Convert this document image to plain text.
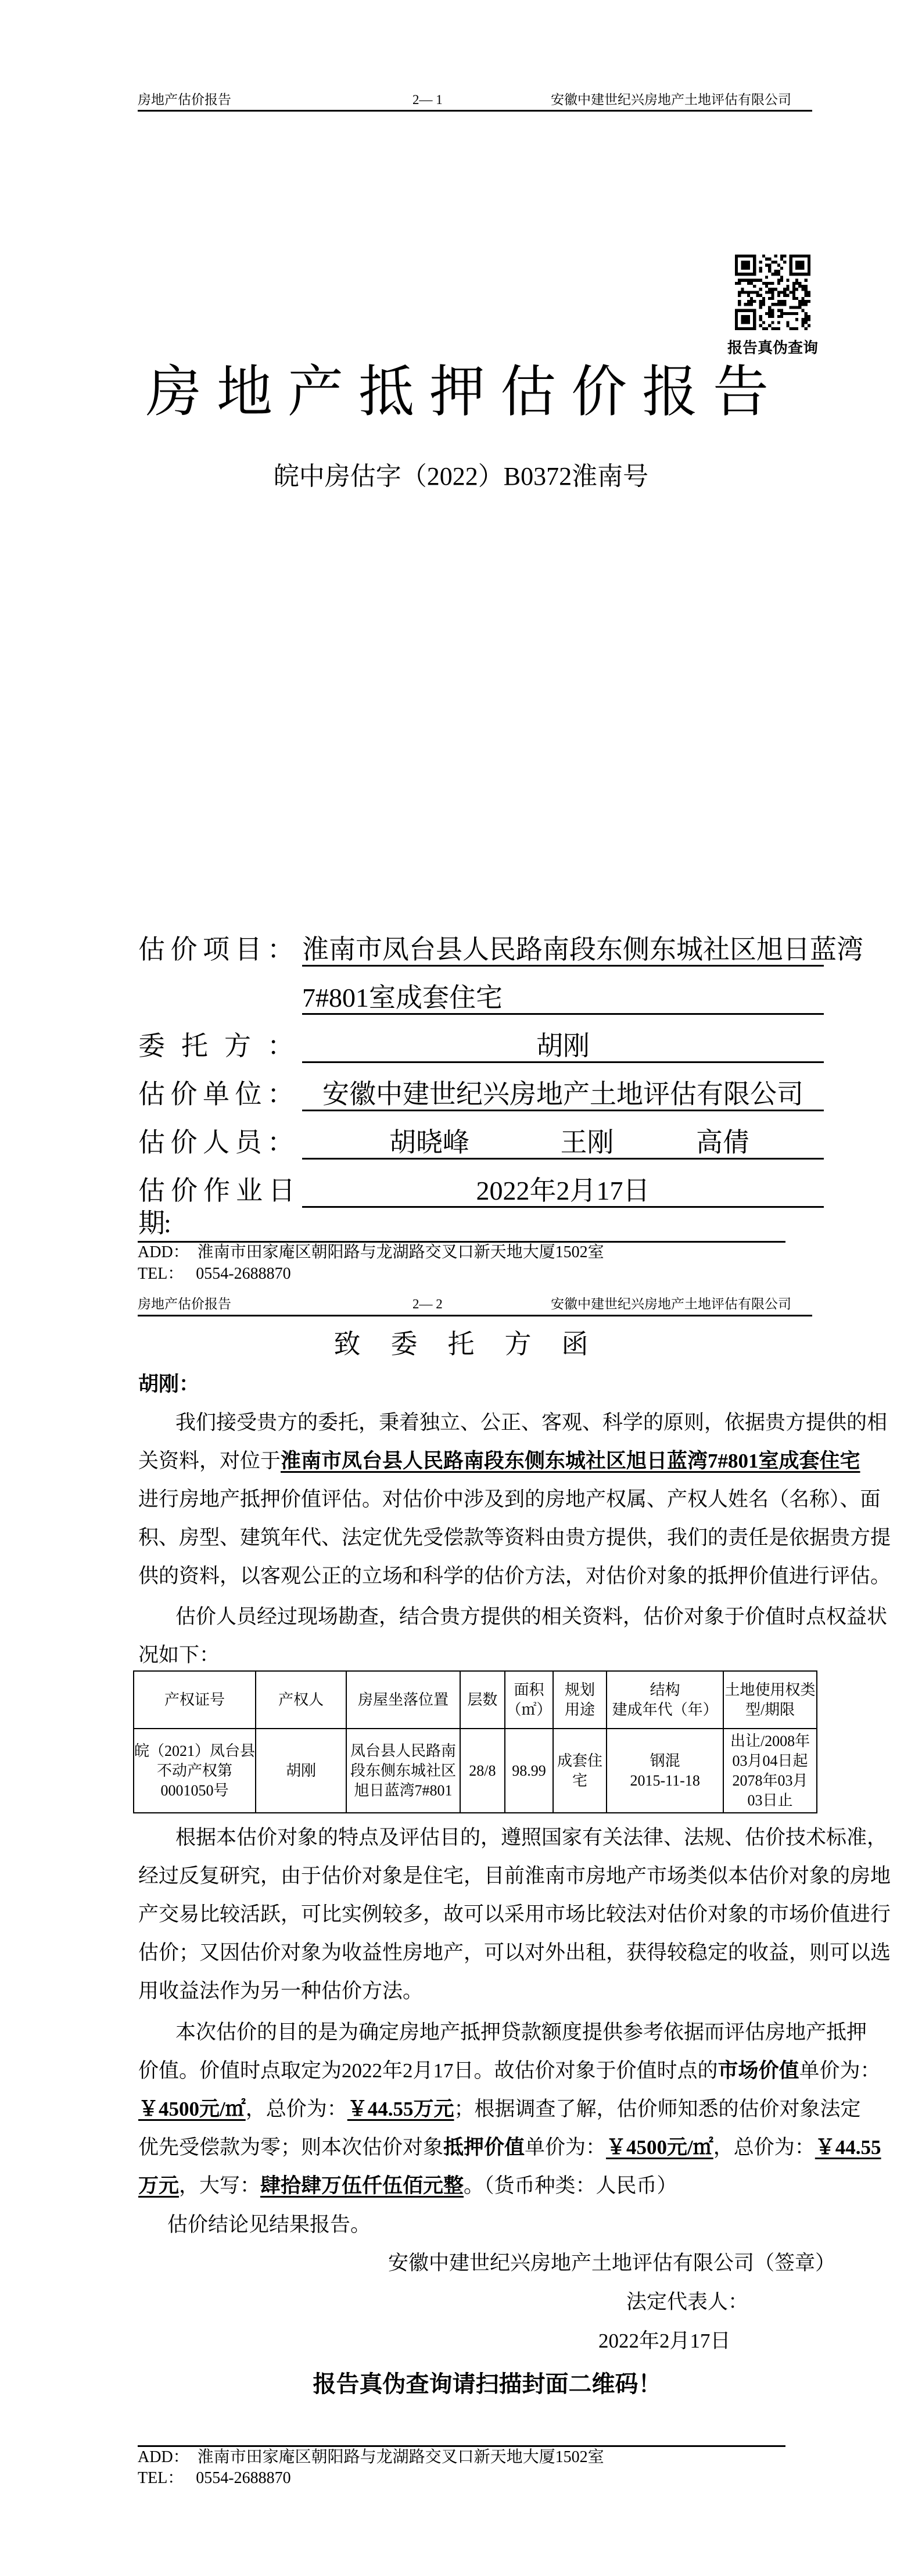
房地产估价报告	2— 1	安徽中建世纪兴房地产土地评估有限公司
报告真伪查询
房地产抵押估价报告
皖中房估字（2022）B0372淮南号
估价项目： 淮南市凤台县人民路南段东侧东城社区旭日蓝湾
7#801室成套住宅
委托方：	胡刚
估价单位：	安徽中建世纪兴房地产土地评估有限公司
估价人员：	胡晓峰	王刚	高倩
估价作业日期:
2022年2月17日
ADD：  淮南市田家庵区朝阳路与龙湖路交叉口新天地大厦1502室
TEL：   0554-2688870
房地产估价报告	2— 2	安徽中建世纪兴房地产土地评估有限公司
致委托方函
胡刚：
我们接受贵方的委托，秉着独立、公正、客观、科学的原则，依据贵方提供的相
关资料，对位于淮南市凤台县人民路南段东侧东城社区旭日蓝湾7#801室成套住宅
进行房地产抵押价值评估。对估价中涉及到的房地产权属、产权人姓名（名称）、面
积、房型、建筑年代、法定优先受偿款等资料由贵方提供，我们的责任是依据贵方提
供的资料，以客观公正的立场和科学的估价方法，对估价对象的抵押价值进行评估。
估价人员经过现场勘查，结合贵方提供的相关资料，估价对象于价值时点权益状
况如下：
产权证号	产权人	房屋坐落位置	层数	面积
（㎡）	规划
用途	结构
建成年代（年）	土地使用权类
型/期限

皖（2021）凤台县
不动产权第
0001050号	胡刚	凤台县人民路南
段东侧东城社区
旭日蓝湾7#801	28/8	98.99	成套住
宅	钢混
2015-11-18	出让/2008年
03月04日起
2078年03月
03日止
根据本估价对象的特点及评估目的，遵照国家有关法律、法规、估价技术标准，
经过反复研究，由于估价对象是住宅，目前淮南市房地产市场类似本估价对象的房地
产交易比较活跃，可比实例较多，故可以采用市场比较法对估价对象的市场价值进行
估价；又因估价对象为收益性房地产，可以对外出租，获得较稳定的收益，则可以选
用收益法作为另一种估价方法。
本次估价的目的是为确定房地产抵押贷款额度提供参考依据而评估房地产抵押
价值。价值时点取定为2022年2月17日。故估价对象于价值时点的市场价值单价为：
￥4500元/㎡，总价为：￥44.55万元；根据调查了解，估价师知悉的估价对象法定
优先受偿款为零；则本次估价对象抵押价值单价为：￥4500元/㎡，总价为：￥44.55
万元，大写：肆拾肆万伍仟伍佰元整。（货币种类：人民币）
估价结论见结果报告。
安徽中建世纪兴房地产土地评估有限公司（签章）
法定代表人：
2022年2月17日
报告真伪查询请扫描封面二维码！
ADD：  淮南市田家庵区朝阳路与龙湖路交叉口新天地大厦1502室
TEL：   0554-2688870
